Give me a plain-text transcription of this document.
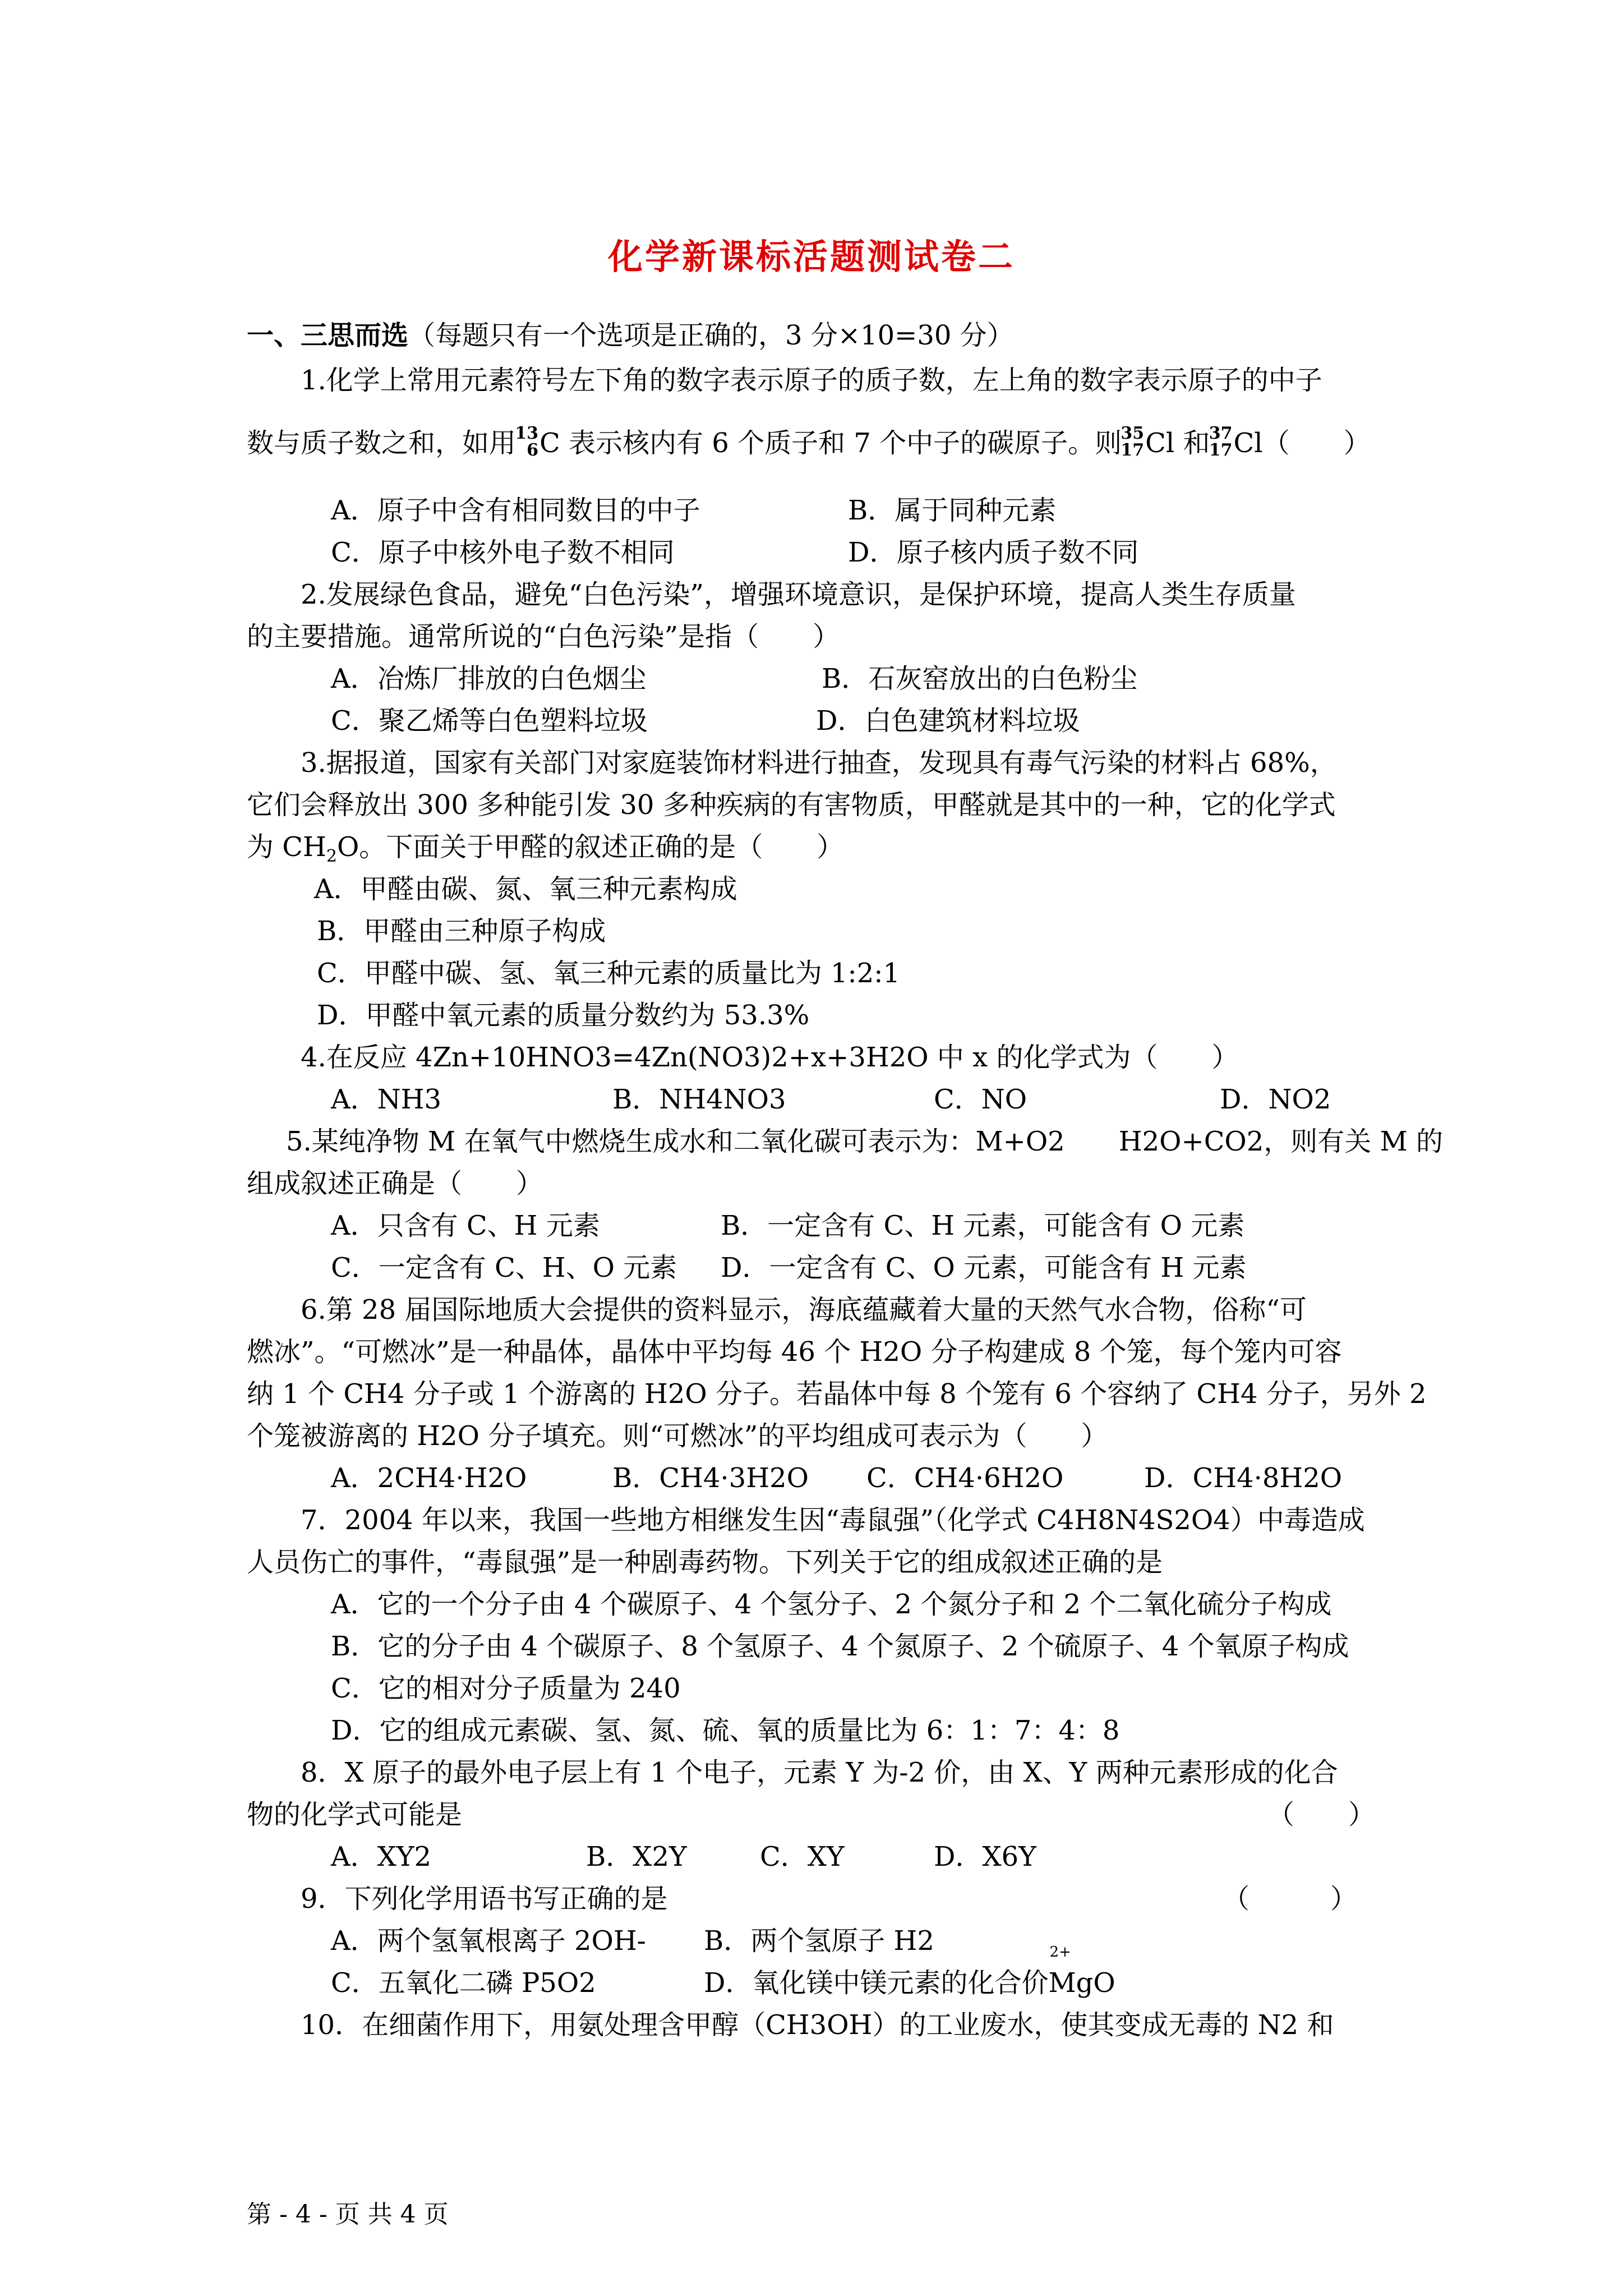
化学新课标活题测试卷二
一、三思而选（每题只有一个选项是正确的，3 分×10=30 分）
1.化学上常用元素符号左下角的数字表示原子的质子数，左上角的数字表示原子的中子
数与质子数之和，如用
13
6 C 表示核内有 6 个质子和 7 个中子的碳原子。则
35
17 Cl 和
37
17 Cl（　　）
A．原子中含有相同数目的中子	B．属于同种元素
C．原子中核外电子数不相同	D．原子核内质子数不同
2.发展绿色食品，避免“白色污染”，增强环境意识，是保护环境，提高人类生存质量
的主要措施。通常所说的“白色污染”是指（　　）
A．冶炼厂排放的白色烟尘	B．石灰窑放出的白色粉尘
C．聚乙烯等白色塑料垃圾	D．白色建筑材料垃圾
3.据报道，国家有关部门对家庭装饰材料进行抽查，发现具有毒气污染的材料占 68%，
它们会释放出 300 多种能引发 30 多种疾病的有害物质，甲醛就是其中的一种，它的化学式
为 $CH_2O$。下面关于甲醛的叙述正确的是（　　）
A．甲醛由碳、氮、氧三种元素构成
B．甲醛由三种原子构成
C．甲醛中碳、氢、氧三种元素的质量比为 1:2:1
D．甲醛中氧元素的质量分数约为 53.3%
4.在反应 4Zn+10HNO3=4Zn(NO3)2+x+3H2O 中 x 的化学式为（　　）
A．NH3	B．NH4NO3	C．NO	D．NO2
5.某纯净物 M 在氧气中燃烧生成水和二氧化碳可表示为：M+O2　　H2O+CO2，则有关 M 的
组成叙述正确是（　　）
A．只含有 C、H 元素	B．一定含有 C、H 元素，可能含有 O 元素
C．一定含有 C、H、O 元素 D．一定含有 C、O 元素，可能含有 H 元素
6.第 28 届国际地质大会提供的资料显示，海底蕴藏着大量的天然气水合物，俗称“可
燃冰”。“可燃冰”是一种晶体，晶体中平均每 46 个 H2O 分子构建成 8 个笼，每个笼内可容
纳 1 个 CH4 分子或 1 个游离的 H2O 分子。若晶体中每 8 个笼有 6 个容纳了 CH4 分子，另外 2
个笼被游离的 H2O 分子填充。则“可燃冰”的平均组成可表示为（　　）
A．2CH4·H2O	B．CH4·3H2O C．CH4·6H2O	D．CH4·8H2O
7．2004 年以来，我国一些地方相继发生因“毒鼠强”（化学式 C4H8N4S2O4）中毒造成
人员伤亡的事件，“毒鼠强”是一种剧毒药物。下列关于它的组成叙述正确的是
A．它的一个分子由 4 个碳原子、4 个氢分子、2 个氮分子和 2 个二氧化硫分子构成
B．它的分子由 4 个碳原子、8 个氢原子、4 个氮原子、2 个硫原子、4 个氧原子构成
C．它的相对分子质量为 240
D．它的组成元素碳、氢、氮、硫、氧的质量比为 6：1：7：4：8
8．X 原子的最外电子层上有 1 个电子，元素 Y 为-2 价，由 X、Y 两种元素形成的化合
物的化学式可能是	（　　）
A．XY2	B．X2Y	C．XY	D．X6Y
9．下列化学用语书写正确的是	（　　　）
A．两个氢氧根离子 2OH- B．两个氢原子 H2
C．五氧化二磷 P5O2	D．氧化镁中镁元素的化合价
2+
MgO
10．在细菌作用下，用氨处理含甲醇（CH3OH）的工业废水，使其变成无毒的 N2 和
第 - 4 - 页 共 4 页
